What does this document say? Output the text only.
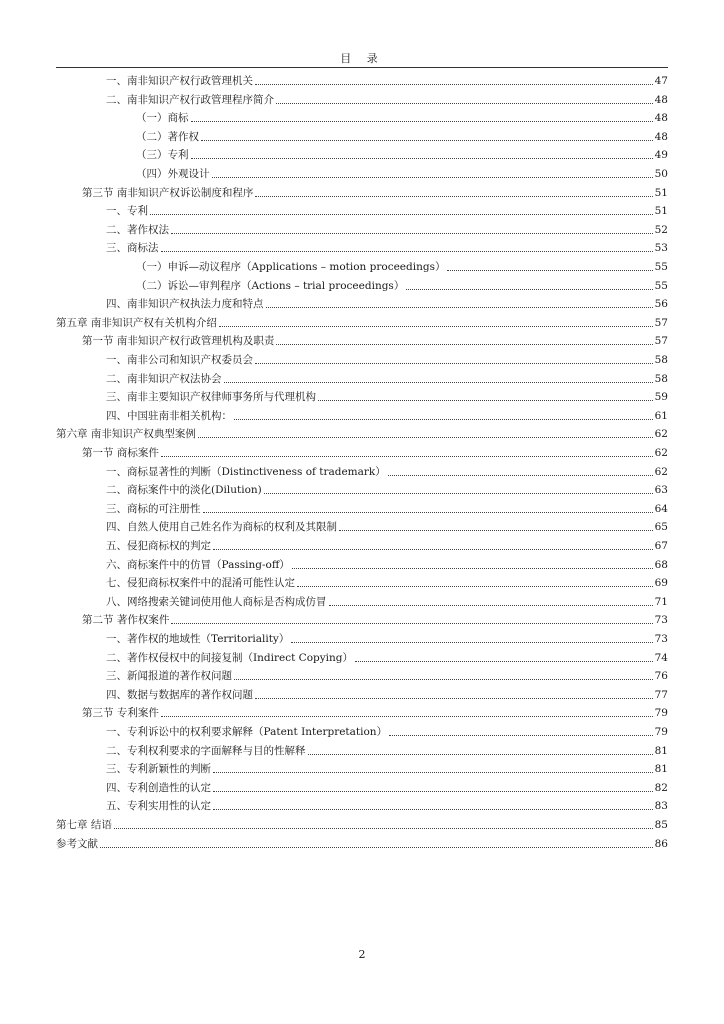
目 录
一、南非知识产权行政管理机关	47
二、南非知识产权行政管理程序简介	48
（一）商标	48
（二）著作权	48
（三）专利	49
（四）外观设计	50
第三节 南非知识产权诉讼制度和程序	51
一、专利	51
二、著作权法	52
三、商标法	53
（一）申诉—动议程序（Applications – motion proceedings）	55
（二）诉讼—审判程序（Actions – trial proceedings）	55
四、南非知识产权执法力度和特点	56
第五章 南非知识产权有关机构介绍	57
第一节 南非知识产权行政管理机构及职责	57
一、南非公司和知识产权委员会	58
二、南非知识产权法协会	58
三、南非主要知识产权律师事务所与代理机构	59
四、中国驻南非相关机构：	61
第六章 南非知识产权典型案例	62
第一节 商标案件	62
一、商标显著性的判断（Distinctiveness of trademark）	62
二、商标案件中的淡化(Dilution)	63
三、商标的可注册性	64
四、自然人使用自己姓名作为商标的权利及其限制	65
五、侵犯商标权的判定	67
六、商标案件中的仿冒（Passing-off）	68
七、侵犯商标权案件中的混淆可能性认定	69
八、网络搜索关键词使用他人商标是否构成仿冒	71
第二节 著作权案件	73
一、著作权的地域性（Territoriality）	73
二、著作权侵权中的间接复制（Indirect Copying）	74
三、新闻报道的著作权问题	76
四、数据与数据库的著作权问题	77
第三节 专利案件	79
一、专利诉讼中的权利要求解释（Patent Interpretation）	79
二、专利权利要求的字面解释与目的性解释	81
三、专利新颖性的判断	81
四、专利创造性的认定	82
五、专利实用性的认定	83
第七章 结语	85
参考文献	86
2
